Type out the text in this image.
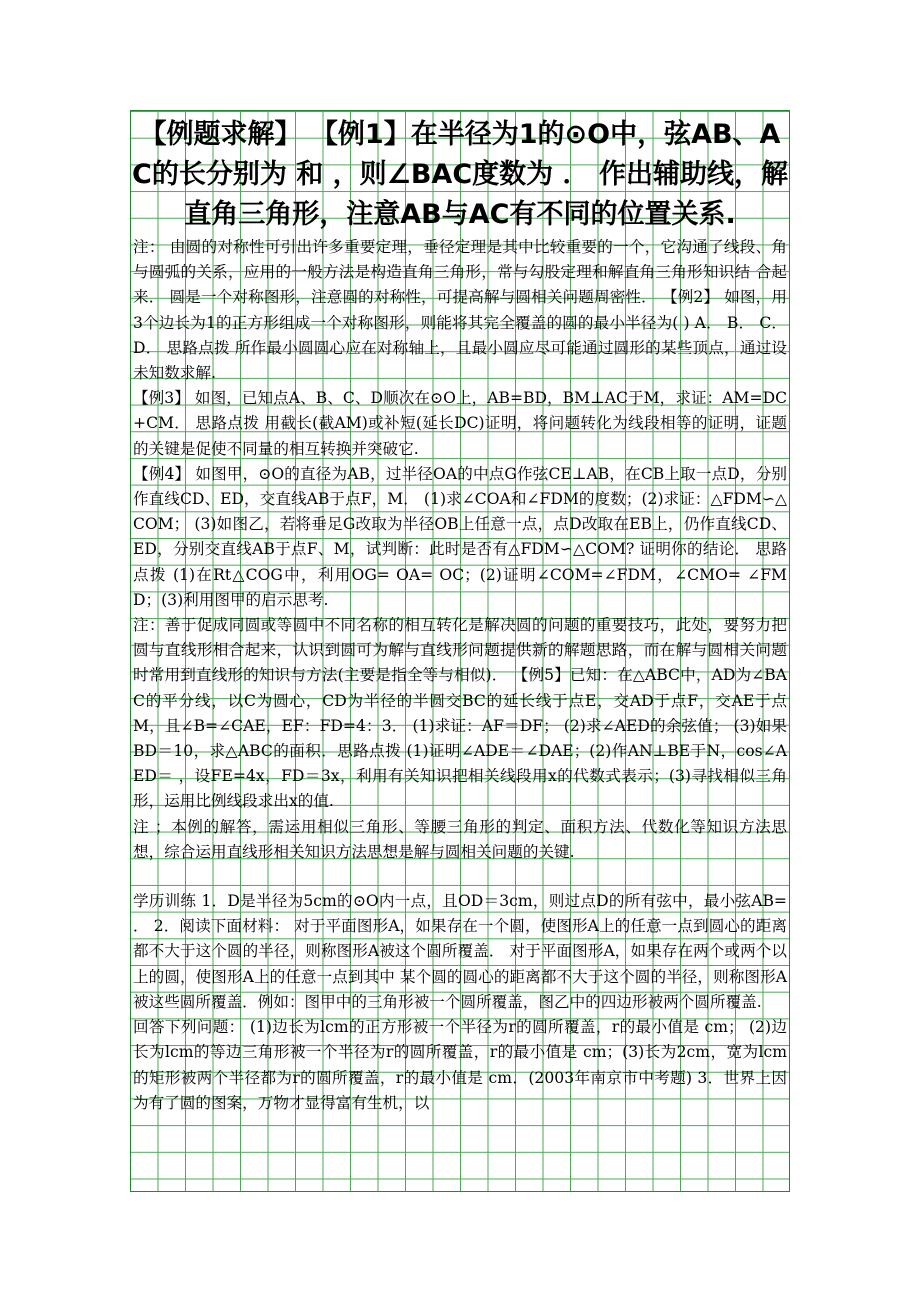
【例题求解】 【例1】在半径为1的⊙O中，弦AB、AC的长分别为 和 ，则∠BAC度数为 ． 作出辅助线，解直角三角形，注意AB与AC有不同的位置关系.

注： 由圆的对称性可引出许多重要定理，垂径定理是其中比较重要的一个，它沟通了线段、角与圆弧的关系，应用的一般方法是构造直角三角形，常与勾股定理和解直角三角形知识结 合起来． 圆是一个对称图形，注意圆的对称性，可提高解与圆相关问题周密性． 【例2】 如图，用3个边长为1的正方形组成一个对称图形，则能将其完全覆盖的圆的最小半径为( ) A． B． C． D． 思路点拨 所作最小圆圆心应在对称轴上，且最小圆应尽可能通过圆形的某些顶点，通过设未知数求解.

【例3】 如图，已知点A、B、C、D顺次在⊙O上，AB=BD，BM⊥AC于M，求证：AM=DC+CM． 思路点拨 用截长(截AM)或补短(延长DC)证明，将问题转化为线段相等的证明，证题的关键是促使不同量的相互转换并突破它.

【例4】 如图甲，⊙O的直径为AB，过半径OA的中点G作弦CE⊥AB，在CB上取一点D，分别作直线CD、ED，交直线AB于点F，M． (1)求∠COA和∠FDM的度数；(2)求证：△FDM∽△COM； (3)如图乙，若将垂足G改取为半径OB上任意一点，点D改取在EB上，仍作直线CD、ED，分别交直线AB于点F、M，试判断：此时是否有△FDM∽△COM? 证明你的结论． 思路点拨 (1)在Rt△COG中，利用OG= OA= OC；(2)证明∠COM=∠FDM，∠CMO= ∠FMD；(3)利用图甲的启示思考.

注：善于促成同圆或等圆中不同名称的相互转化是解决圆的问题的重要技巧，此处，要努力把圆与直线形相合起来，认识到圆可为解与直线形问题提供新的解题思路，而在解与圆相关问题时常用到直线形的知识与方法(主要是指全等与相似)． 【例5】已知：在△ABC中，AD为∠BAC的平分线，以C为圆心，CD为半径的半圆交BC的延长线于点E，交AD于点F，交AE于点M，且∠B=∠CAE，EF：FD=4：3． (1)求证：AF＝DF； (2)求∠AED的余弦值； (3)如果BD＝10，求△ABC的面积．思路点拨 (1)证明∠ADE＝∠DAE；(2)作AN⊥BE于N，cos∠AED＝ ，设FE=4x，FD＝3x，利用有关知识把相关线段用x的代数式表示；(3)寻找相似三角形，运用比例线段求出x的值.

注 ；本例的解答，需运用相似三角形、等腰三角形的判定、面积方法、代数化等知识方法思想，综合运用直线形相关知识方法思想是解与圆相关问题的关键.

学历训练 1．D是半径为5cm的⊙O内一点，且OD＝3cm，则过点D的所有弦中，最小弦AB= ． 2．阅读下面材料： 对于平面图形A，如果存在一个圆，使图形A上的任意一点到圆心的距离都不大于这个圆的半径，则称图形A被这个圆所覆盖． 对于平面图形A，如果存在两个或两个以上的圆，使图形A上的任意一点到其中 某个圆的圆心的距离都不大于这个圆的半径，则称图形A被这些圆所覆盖．例如：图甲中的三角形被一个圆所覆盖，图乙中的四边形被两个圆所覆盖.

回答下列问题： (1)边长为lcm的正方形被一个半径为r的圆所覆盖，r的最小值是 cm； (2)边长为lcm的等边三角形被一个半径为r的圆所覆盖，r的最小值是 cm；(3)长为2cm，宽为lcm的矩形被两个半径都为r的圆所覆盖，r的最小值是 cm．(2003年南京市中考题) 3．世界上因为有了圆的图案，万物才显得富有生机，以
